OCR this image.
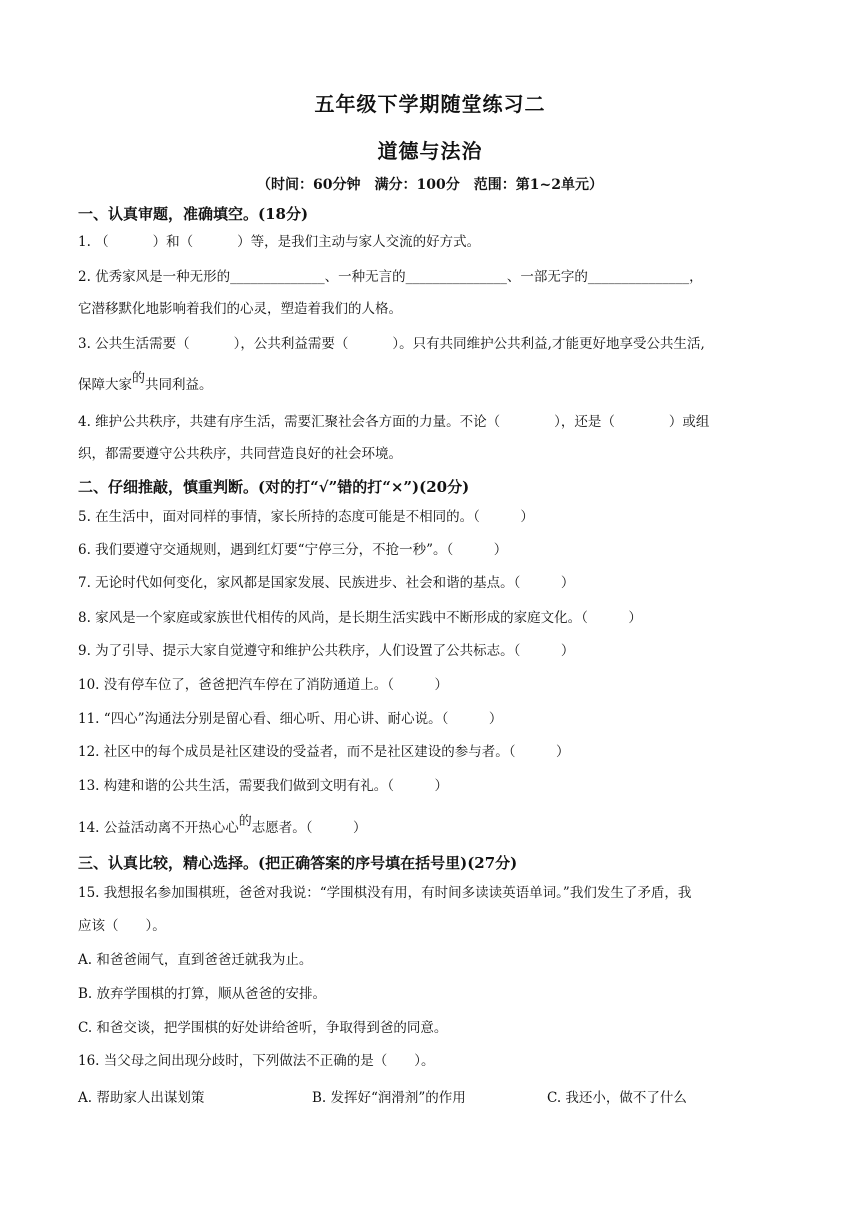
五年级下学期随堂练习二
道德与法治
（时间：60分钟　满分：100分　范围：第1~2单元）
一、认真审题，准确填空。(18分)
1. （	）和（	）等，是我们主动与家人交流的好方式。
2. 优秀家风是一种无形的______________、一种无言的_______________、一部无字的_______________，
它潜移默化地影响着我们的心灵，塑造着我们的人格。
3. 公共生活需要（	），公共利益需要（	）。只有共同维护公共利益,才能更好地享受公共生活,
保障大家的共同利益。
4. 维护公共秩序，共建有序生活，需要汇聚社会各方面的力量。不论（	），还是（	）或组
织，都需要遵守公共秩序，共同营造良好的社会环境。
二、仔细推敲，慎重判断。(对的打“√”错的打“×”)(20分)
5. 在生活中，面对同样的事情，家长所持的态度可能是不相同的。（　　　）
6. 我们要遵守交通规则，遇到红灯要“宁停三分，不抢一秒”。（　　　）
7. 无论时代如何变化，家风都是国家发展、民族进步、社会和谐的基点。（　　　）
8. 家风是一个家庭或家族世代相传的风尚，是长期生活实践中不断形成的家庭文化。（　　　）
9. 为了引导、提示大家自觉遵守和维护公共秩序，人们设置了公共标志。（　　　）
10. 没有停车位了，爸爸把汽车停在了消防通道上。（　　　）
11. “四心”沟通法分别是留心看、细心听、用心讲、耐心说。（　　　）
12. 社区中的每个成员是社区建设的受益者，而不是社区建设的参与者。（　　　）
13. 构建和谐的公共生活，需要我们做到文明有礼。（　　　）
14. 公益活动离不开热心心的志愿者。（　　　）
三、认真比较，精心选择。(把正确答案的序号填在括号里)(27分)
15. 我想报名参加围棋班，爸爸对我说：“学围棋没有用，有时间多读读英语单词。”我们发生了矛盾，我
应该（　　）。
A. 和爸爸闹气，直到爸爸迁就我为止。
B. 放弃学围棋的打算，顺从爸爸的安排。
C. 和爸交谈，把学围棋的好处讲给爸听，争取得到爸的同意。
16. 当父母之间出现分歧时，下列做法不正确的是（　　）。
A. 帮助家人出谋划策	B. 发挥好“润滑剂”的作用	C. 我还小，做不了什么
